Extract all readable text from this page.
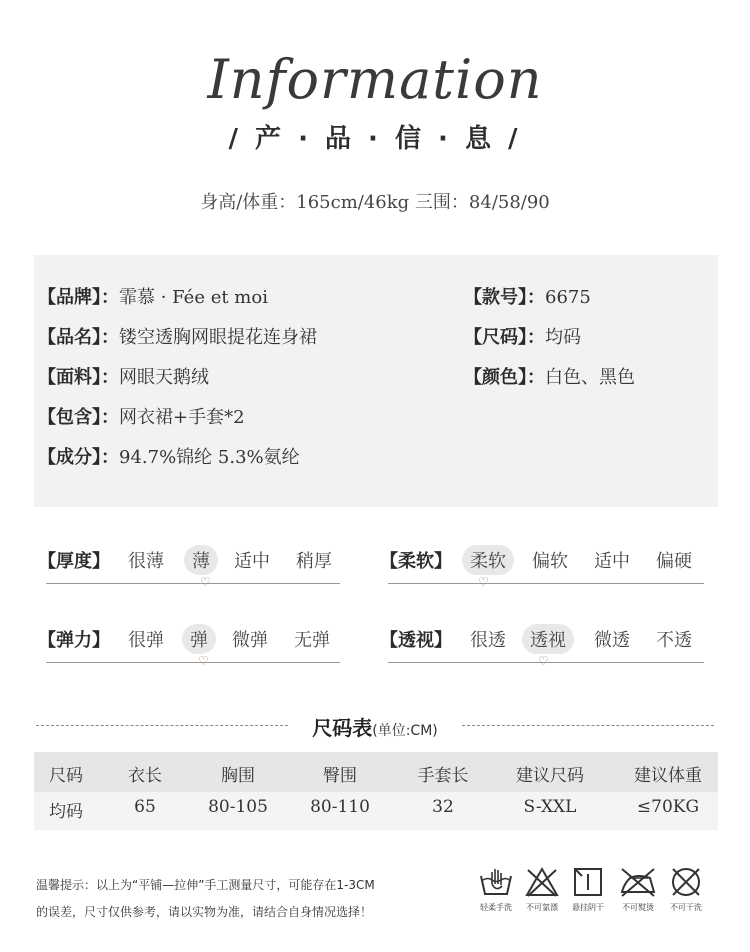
Information
/ 产 · 品 · 信 · 息 /
身高/体重：165cm/46kg 三围：84/58/90
【品牌】：霏慕 · Fée et moi
【品名】：镂空透胸网眼提花连身裙
【面料】：网眼天鹅绒
【包含】：网衣裙+手套*2
【成分】：94.7%锦纶 5.3%氨纶
【款号】：6675
【尺码】：均码
【颜色】：白色、黑色
【厚度】 很薄	薄	适中 稍厚
♡
【柔软】	柔软	偏软 适中 偏硬
♡
【弹力】 很弹	弹	微弹 无弹
♡
【透视】 很透	透视	微透 不透
♡
尺码表(单位:CM)
尺码	衣长	胸围	臀围	手套长	建议尺码	建议体重
均码	65	80-105	80-110	32	S-XXL	≤70KG
温馨提示：以上为“平铺—拉伸”手工测量尺寸，可能存在1-3CM
的误差，尺寸仅供参考，请以实物为准，请结合自身情况选择！	轻柔手洗	不可氯漂	悬挂阴干	不可熨烫	不可干洗
